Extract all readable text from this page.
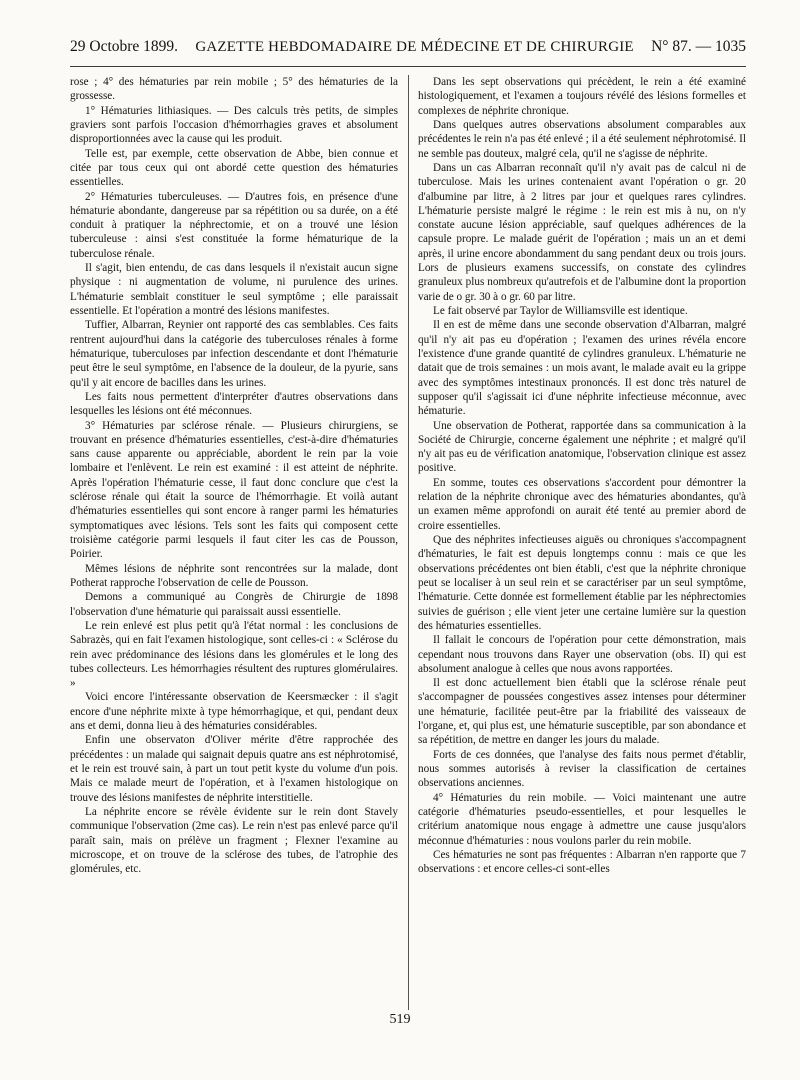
29 Octobre 1899. GAZETTE HEBDOMADAIRE DE MÉDECINE ET DE CHIRURGIE N° 87. — 1035

rose ; 4° des hématuries par rein mobile ; 5° des hématuries de la grossesse.

1° Hématuries lithiasiques. — Des calculs très petits, de simples graviers sont parfois l'occasion d'hémorrhagies graves et absolument disproportionnées avec la cause qui les produit.

Telle est, par exemple, cette observation de Abbe, bien connue et citée par tous ceux qui ont abordé cette question des hématuries essentielles.

2° Hématuries tuberculeuses. — D'autres fois, en présence d'une hématurie abondante, dangereuse par sa répétition ou sa durée, on a été conduit à pratiquer la néphrectomie, et on a trouvé une lésion tuberculeuse : ainsi s'est constituée la forme hématurique de la tuberculose rénale.

Il s'agit, bien entendu, de cas dans lesquels il n'existait aucun signe physique : ni augmentation de volume, ni purulence des urines. L'hématurie semblait constituer le seul symptôme ; elle paraissait essentielle. Et l'opération a montré des lésions manifestes.

Tuffier, Albarran, Reynier ont rapporté des cas semblables. Ces faits rentrent aujourd'hui dans la catégorie des tuberculoses rénales à forme hématurique, tuberculoses par infection descendante et dont l'hématurie peut être le seul symptôme, en l'absence de la douleur, de la pyurie, sans qu'il y ait encore de bacilles dans les urines.

Les faits nous permettent d'interpréter d'autres observations dans lesquelles les lésions ont été méconnues.

3° Hématuries par sclérose rénale. — Plusieurs chirurgiens, se trouvant en présence d'hématuries essentielles, c'est-à-dire d'hématuries sans cause apparente ou appréciable, abordent le rein par la voie lombaire et l'enlèvent. Le rein est examiné : il est atteint de néphrite. Après l'opération l'hématurie cesse, il faut donc conclure que c'est la sclérose rénale qui était la source de l'hémorrhagie. Et voilà autant d'hématuries essentielles qui sont encore à ranger parmi les hématuries symptomatiques avec lésions. Tels sont les faits qui composent cette troisième catégorie parmi lesquels il faut citer les cas de Pousson, Poirier.

Mêmes lésions de néphrite sont rencontrées sur la malade, dont Potherat rapproche l'observation de celle de Pousson.

Demons a communiqué au Congrès de Chirurgie de 1898 l'observation d'une hématurie qui paraissait aussi essentielle.

Le rein enlevé est plus petit qu'à l'état normal : les conclusions de Sabrazès, qui en fait l'examen histologique, sont celles-ci : « Sclérose du rein avec prédominance des lésions dans les glomérules et le long des tubes collecteurs. Les hémorrhagies résultent des ruptures glomérulaires. »

Voici encore l'intéressante observation de Keersmæcker : il s'agit encore d'une néphrite mixte à type hémorrhagique, et qui, pendant deux ans et demi, donna lieu à des hématuries considérables.

Enfin une observaton d'Oliver mérite d'être rapprochée des précédentes : un malade qui saignait depuis quatre ans est néphrotomisé, et le rein est trouvé sain, à part un tout petit kyste du volume d'un pois. Mais ce malade meurt de l'opération, et à l'examen histologique on trouve des lésions manifestes de néphrite interstitielle.

La néphrite encore se révèle évidente sur le rein dont Stavely communique l'observation (2me cas). Le rein n'est pas enlevé parce qu'il paraît sain, mais on prélève un fragment ; Flexner l'examine au microscope, et on trouve de la sclérose des tubes, de l'atrophie des glomérules, etc.

Dans les sept observations qui précèdent, le rein a été examiné histologiquement, et l'examen a toujours révélé des lésions formelles et complexes de néphrite chronique.

Dans quelques autres observations absolument comparables aux précédentes le rein n'a pas été enlevé ; il a été seulement néphrotomisé. Il ne semble pas douteux, malgré cela, qu'il ne s'agisse de néphrite.

Dans un cas Albarran reconnaît qu'il n'y avait pas de calcul ni de tuberculose. Mais les urines contenaient avant l'opération o gr. 20 d'albumine par litre, à 2 litres par jour et quelques rares cylindres. L'hématurie persiste malgré le régime : le rein est mis à nu, on n'y constate aucune lésion appréciable, sauf quelques adhérences de la capsule propre. Le malade guérit de l'opération ; mais un an et demi après, il urine encore abondamment du sang pendant deux ou trois jours. Lors de plusieurs examens successifs, on constate des cylindres granuleux plus nombreux qu'autrefois et de l'albumine dont la proportion varie de o gr. 30 à o gr. 60 par litre.

Le fait observé par Taylor de Williamsville est identique.

Il en est de même dans une seconde observation d'Albarran, malgré qu'il n'y ait pas eu d'opération ; l'examen des urines révéla encore l'existence d'une grande quantité de cylindres granuleux. L'hématurie ne datait que de trois semaines : un mois avant, le malade avait eu la grippe avec des symptômes intestinaux prononcés. Il est donc très naturel de supposer qu'il s'agissait ici d'une néphrite infectieuse méconnue, avec hématurie.

Une observation de Potherat, rapportée dans sa communication à la Société de Chirurgie, concerne également une néphrite ; et malgré qu'il n'y ait pas eu de vérification anatomique, l'observation clinique est assez positive.

En somme, toutes ces observations s'accordent pour démontrer la relation de la néphrite chronique avec des hématuries abondantes, qu'à un examen même approfondi on aurait été tenté au premier abord de croire essentielles.

Que des néphrites infectieuses aiguës ou chroniques s'accompagnent d'hématuries, le fait est depuis longtemps connu : mais ce que les observations précédentes ont bien établi, c'est que la néphrite chronique peut se localiser à un seul rein et se caractériser par un seul symptôme, l'hématurie. Cette donnée est formellement établie par les néphrectomies suivies de guérison ; elle vient jeter une certaine lumière sur la question des hématuries essentielles.

Il fallait le concours de l'opération pour cette démonstration, mais cependant nous trouvons dans Rayer une observation (obs. II) qui est absolument analogue à celles que nous avons rapportées.

Il est donc actuellement bien établi que la sclérose rénale peut s'accompagner de poussées congestives assez intenses pour déterminer une hématurie, facilitée peut-être par la friabilité des vaisseaux de l'organe, et, qui plus est, une hématurie susceptible, par son abondance et sa répétition, de mettre en danger les jours du malade.

Forts de ces données, que l'analyse des faits nous permet d'établir, nous sommes autorisés à reviser la classification de certaines observations anciennes.

4° Hématuries du rein mobile. — Voici maintenant une autre catégorie d'hématuries pseudo-essentielles, et pour lesquelles le critérium anatomique nous engage à admettre une cause jusqu'alors méconnue d'hématuries : nous voulons parler du rein mobile.

Ces hématuries ne sont pas fréquentes : Albarran n'en rapporte que 7 observations : et encore celles-ci sont-elles

519
